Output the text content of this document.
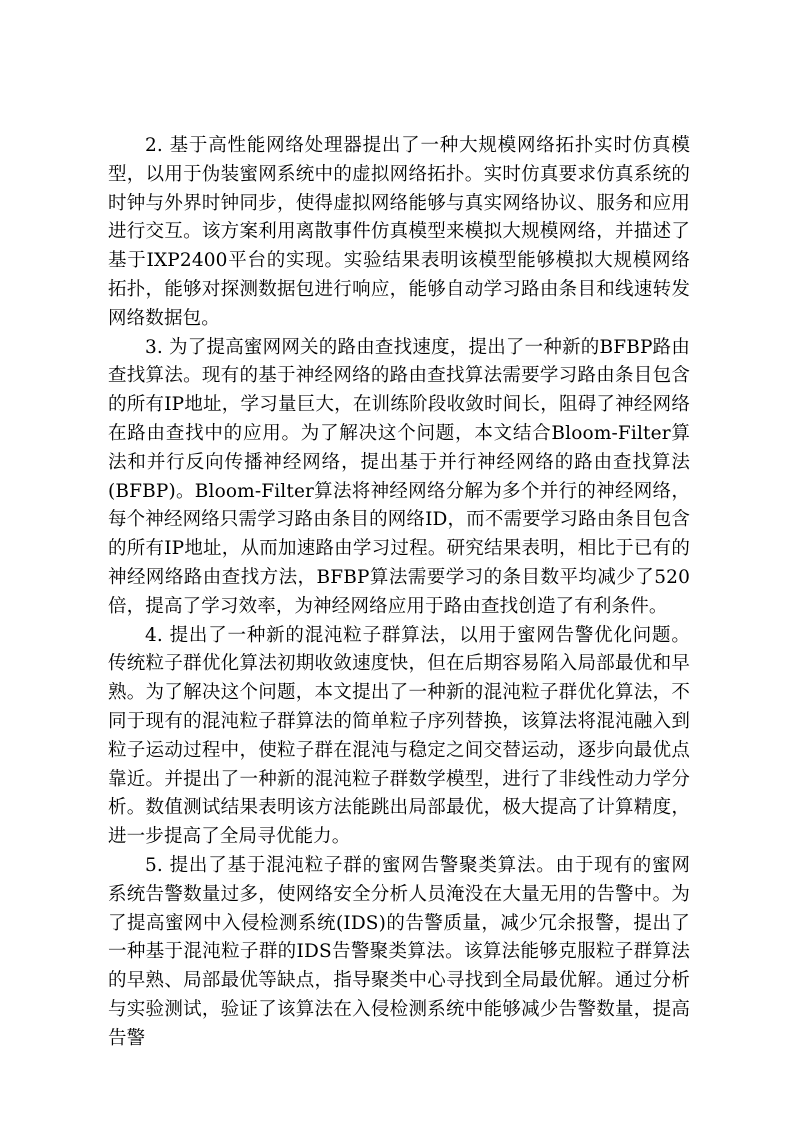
2. 基于高性能网络处理器提出了一种大规模网络拓扑实时仿真模型，以用于伪装蜜网系统中的虚拟网络拓扑。实时仿真要求仿真系统的时钟与外界时钟同步，使得虚拟网络能够与真实网络协议、服务和应用进行交互。该方案利用离散事件仿真模型来模拟大规模网络，并描述了基于IXP2400平台的实现。实验结果表明该模型能够模拟大规模网络拓扑，能够对探测数据包进行响应，能够自动学习路由条目和线速转发网络数据包。

3. 为了提高蜜网网关的路由查找速度，提出了一种新的BFBP路由查找算法。现有的基于神经网络的路由查找算法需要学习路由条目包含的所有IP地址，学习量巨大，在训练阶段收敛时间长，阻碍了神经网络在路由查找中的应用。为了解决这个问题，本文结合Bloom-Filter算法和并行反向传播神经网络，提出基于并行神经网络的路由查找算法(BFBP)。Bloom-Filter算法将神经网络分解为多个并行的神经网络，每个神经网络只需学习路由条目的网络ID，而不需要学习路由条目包含的所有IP地址，从而加速路由学习过程。研究结果表明，相比于已有的神经网络路由查找方法，BFBP算法需要学习的条目数平均减少了520倍，提高了学习效率，为神经网络应用于路由查找创造了有利条件。

4. 提出了一种新的混沌粒子群算法，以用于蜜网告警优化问题。传统粒子群优化算法初期收敛速度快，但在后期容易陷入局部最优和早熟。为了解决这个问题，本文提出了一种新的混沌粒子群优化算法，不同于现有的混沌粒子群算法的简单粒子序列替换，该算法将混沌融入到粒子运动过程中，使粒子群在混沌与稳定之间交替运动，逐步向最优点靠近。并提出了一种新的混沌粒子群数学模型，进行了非线性动力学分析。数值测试结果表明该方法能跳出局部最优，极大提高了计算精度，进一步提高了全局寻优能力。

5. 提出了基于混沌粒子群的蜜网告警聚类算法。由于现有的蜜网系统告警数量过多，使网络安全分析人员淹没在大量无用的告警中。为了提高蜜网中入侵检测系统(IDS)的告警质量，减少冗余报警，提出了一种基于混沌粒子群的IDS告警聚类算法。该算法能够克服粒子群算法的早熟、局部最优等缺点，指导聚类中心寻找到全局最优解。通过分析与实验测试，验证了该算法在入侵检测系统中能够减少告警数量，提高告警
